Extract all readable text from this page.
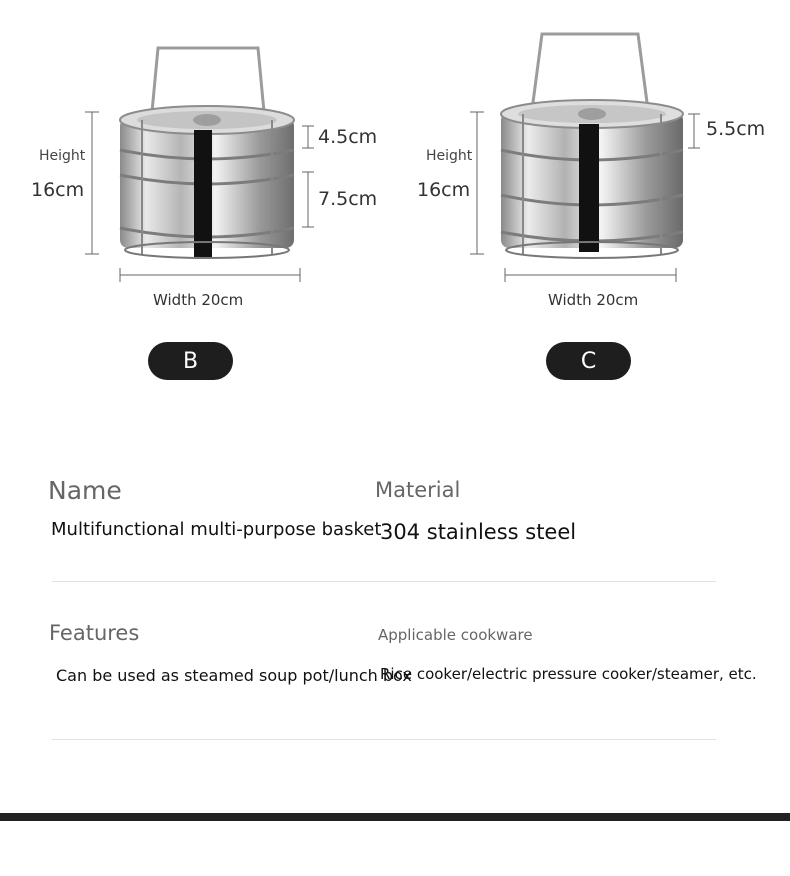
Height
16cm
4.5cm
7.5cm
Width 20cm
B
Height
16cm
5.5cm
Width 20cm
C
Name	Material
Multifunctional multi-purpose basket
304 stainless steel
Features	Applicable cookware
Can be used as steamed soup pot/lunch box
Rice cooker/electric pressure cooker/steamer, etc.
